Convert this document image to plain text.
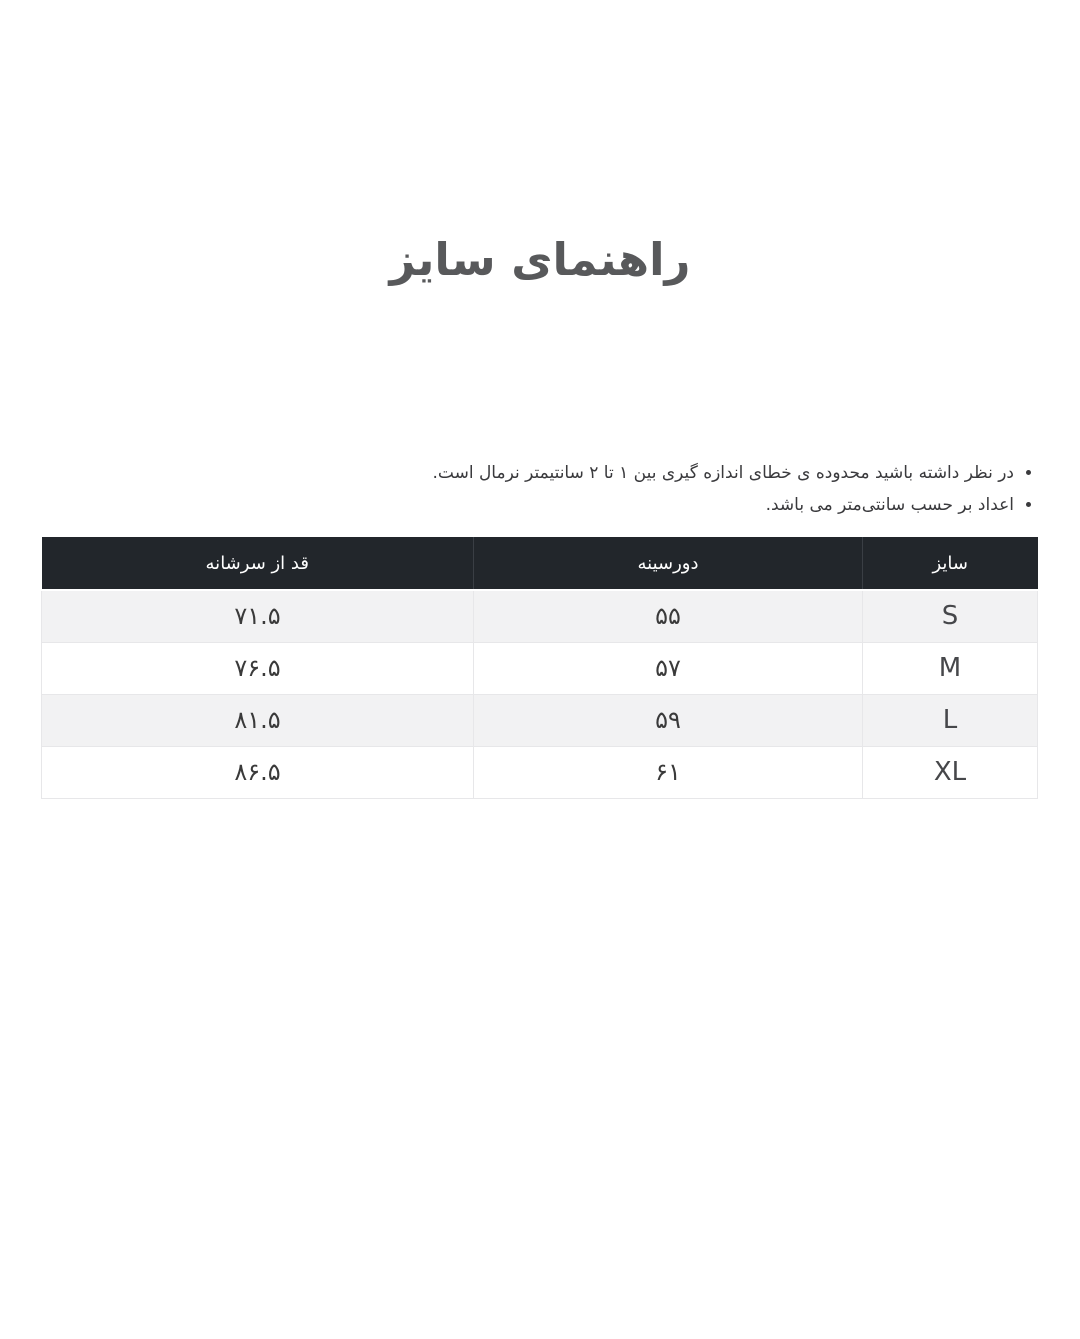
راهنمای سایز
• در نظر داشته باشید محدوده ی خطای اندازه گیری بین ۱ تا ۲ سانتیمتر نرمال است.
• اعداد بر حسب سانتی‌متر می باشد.
سایز	دورسینه	قد از سرشانه
S	۵۵	۷۱.۵
M	۵۷	۷۶.۵
L	۵۹	۸۱.۵
XL	۶۱	۸۶.۵
